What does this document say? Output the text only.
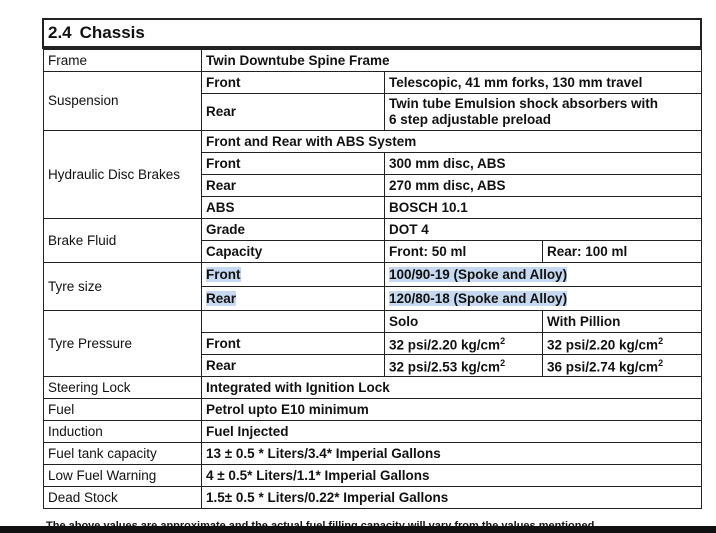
2.4 Chassis
Frame	Twin Downtube Spine Frame		
Suspension	Front	Telescopic, 41 mm forks, 130 mm travel	
	Rear	Twin tube Emulsion shock absorbers with
6 step adjustable preload	
Hydraulic Disc Brakes	Front and Rear with ABS System		
	Front	300 mm disc, ABS	
	Rear	270 mm disc, ABS	
	ABS	BOSCH 10.1	
Brake Fluid	Grade	DOT 4	
	Capacity	Front: 50 ml	Rear: 100 ml
Tyre size	Front	100/90-19 (Spoke and Alloy)	
	Rear	120/80-18 (Spoke and Alloy)	
Tyre Pressure		Solo	With Pillion
	Front	32 psi/2.20 $kg/cm^2$	32 psi/2.20 $kg/cm^2$
	Rear	32 psi/2.53 $kg/cm^2$	36 psi/2.74 $kg/cm^2$
Steering Lock	Integrated with Ignition Lock		
Fuel	Petrol upto E10 minimum		
Induction	Fuel Injected		
Fuel tank capacity	13 ± 0.5 * Liters/3.4* Imperial Gallons		
Low Fuel Warning	4 ± 0.5* Liters/1.1* Imperial Gallons		
Dead Stock	1.5± 0.5 * Liters/0.22* Imperial Gallons		
